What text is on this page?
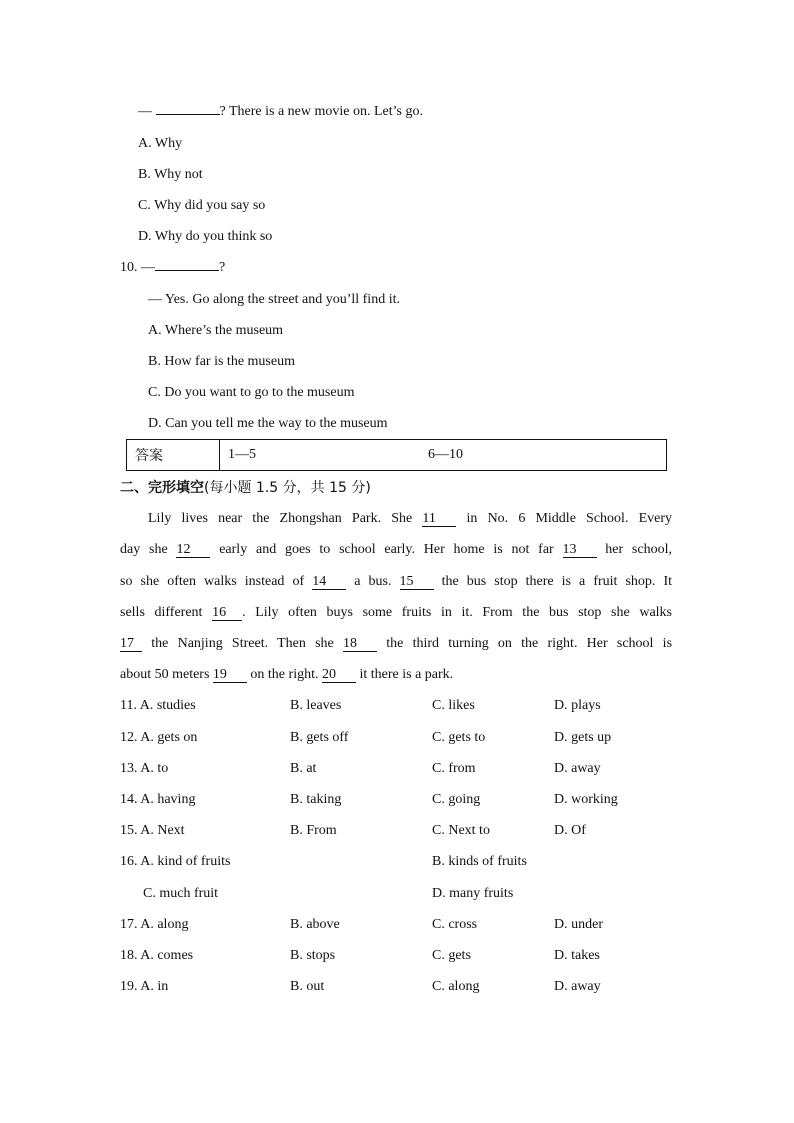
—	? There is a new movie on. Let’s go.
A. Why
B. Why not
C. Why did you say so
D. Why do you think so
10. —	?
— Yes. Go along the street and you’ll find it.
A. Where’s the museum
B. How far is the museum
C. Do you want to go to the museum
D. Can you tell me the way to the museum
答案	1—5	6—10
二、完形填空(每小题 1.5 分，共 15 分)
Lily lives near the Zhongshan Park. She 11 in No. 6 Middle School. Every
day she 12 early and goes to school early. Her home is not far 13 her school,
so she often walks instead of 14 a bus. 15 the bus stop there is a fruit shop. It
sells different 16 . Lily often buys some fruits in it. From the bus stop she walks
17 the Nanjing Street. Then she 18 the third turning on the right. Her school is
about 50 meters 19 on the right. 20 it there is a park.
11. A. studies	B. leaves	C. likes	D. plays
12. A. gets on	B. gets off	C. gets to	D. gets up
13. A. to	B. at	C. from	D. away
14. A. having	B. taking	C. going	D. working
15. A. Next	B. From	C. Next to	D. Of
16. A. kind of fruits	B. kinds of fruits
C. much fruit	D. many fruits
17. A. along	B. above	C. cross	D. under
18. A. comes	B. stops	C. gets	D. takes
19. A. in	B. out	C. along	D. away
